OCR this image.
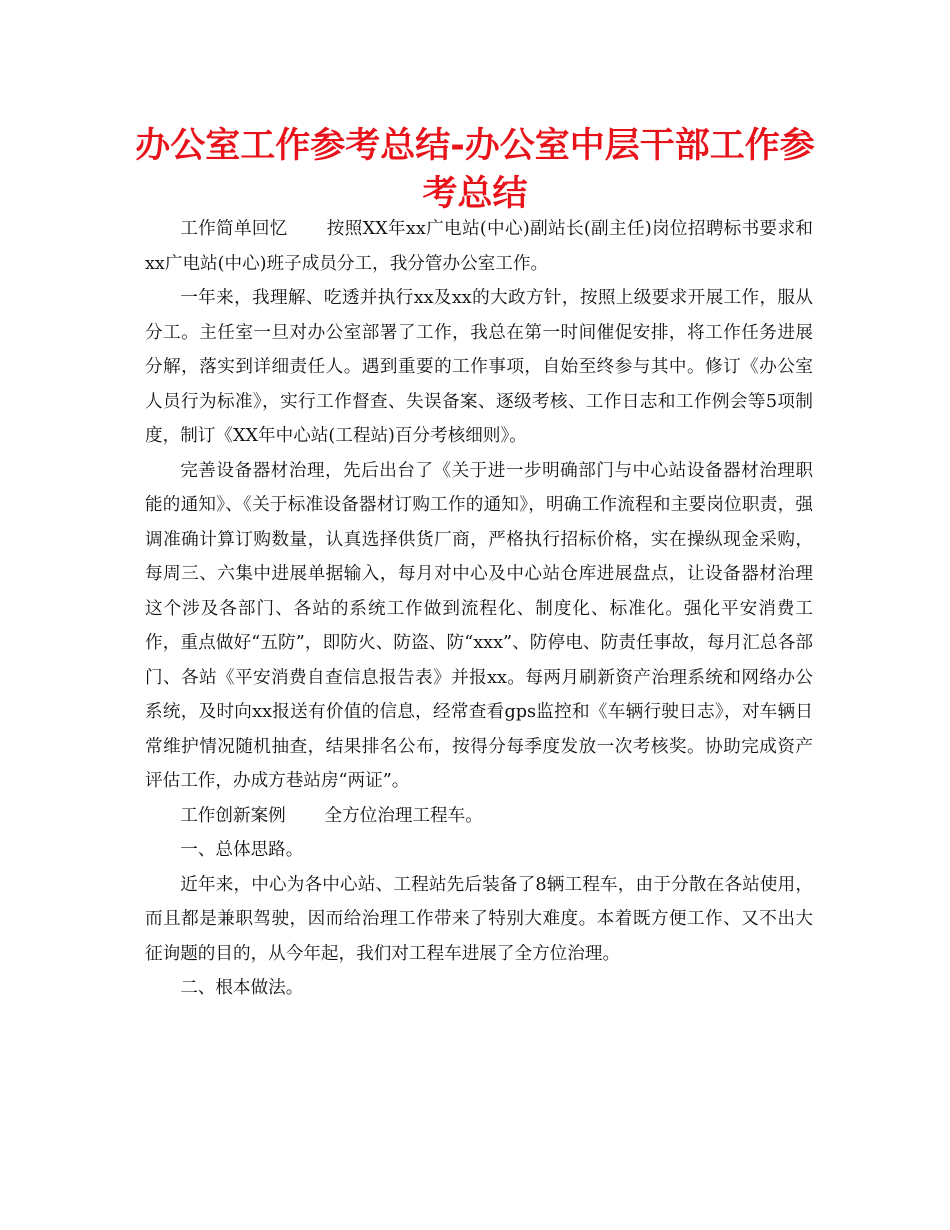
办公室工作参考总结-办公室中层干部工作参考总结

工作简单回忆 按照XX年xx广电站(中心)副站长(副主任)岗位招聘标书要求和xx广电站(中心)班子成员分工，我分管办公室工作。

一年来，我理解、吃透并执行xx及xx的大政方针，按照上级要求开展工作，服从分工。主任室一旦对办公室部署了工作，我总在第一时间催促安排，将工作任务进展分解，落实到详细责任人。遇到重要的工作事项，自始至终参与其中。修订《办公室人员行为标准》，实行工作督查、失误备案、逐级考核、工作日志和工作例会等5项制度，制订《XX年中心站(工程站)百分考核细则》。

完善设备器材治理，先后出台了《关于进一步明确部门与中心站设备器材治理职能的通知》、《关于标准设备器材订购工作的通知》，明确工作流程和主要岗位职责，强调准确计算订购数量，认真选择供货厂商，严格执行招标价格，实在操纵现金采购，每周三、六集中进展单据输入，每月对中心及中心站仓库进展盘点，让设备器材治理这个涉及各部门、各站的系统工作做到流程化、制度化、标准化。强化平安消费工作，重点做好“五防”，即防火、防盗、防“xxx”、防停电、防责任事故，每月汇总各部门、各站《平安消费自查信息报告表》并报xx。每两月刷新资产治理系统和网络办公系统，及时向xx报送有价值的信息，经常查看gps监控和《车辆行驶日志》，对车辆日常维护情况随机抽查，结果排名公布，按得分每季度发放一次考核奖。协助完成资产评估工作，办成方巷站房“两证”。

工作创新案例 全方位治理工程车。

一、总体思路。

近年来，中心为各中心站、工程站先后装备了8辆工程车，由于分散在各站使用，而且都是兼职驾驶，因而给治理工作带来了特别大难度。本着既方便工作、又不出大征询题的目的，从今年起，我们对工程车进展了全方位治理。

二、根本做法。
